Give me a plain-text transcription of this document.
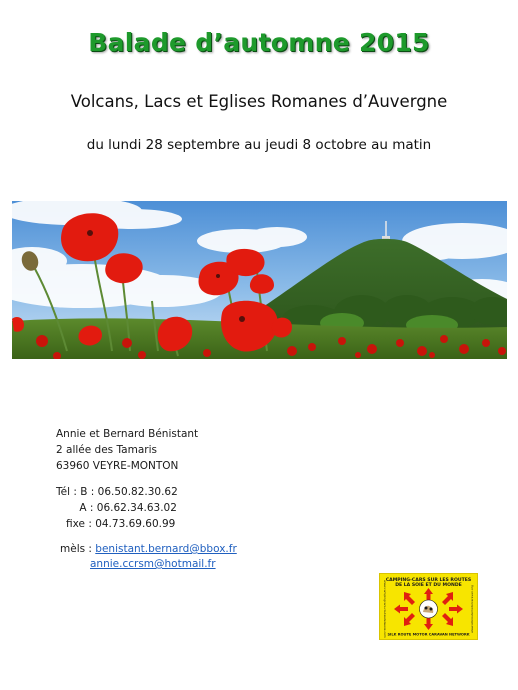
Balade d’automne 2015
Volcans, Lacs et Eglises Romanes d’Auvergne
du lundi 28 septembre au jeudi 8 octobre au matin
Annie et Bernard Bénistant
2 allée des Tamaris
63960 VEYRE-MONTON
Tél : B : 06.50.82.30.62
A : 06.62.34.63.02
fixe : 04.73.69.60.99
mèls : benistant.bernard@bbox.fr
annie.ccrsm@hotmail.fr
CAMPING-CARS SUR LES ROUTES
DE LA SOIE ET DU MONDE
www.campingcars-routesdelasoie.com	www.silkroutemotorcaravan.org
SILK ROUTE MOTOR CARAVAN NETWORK
